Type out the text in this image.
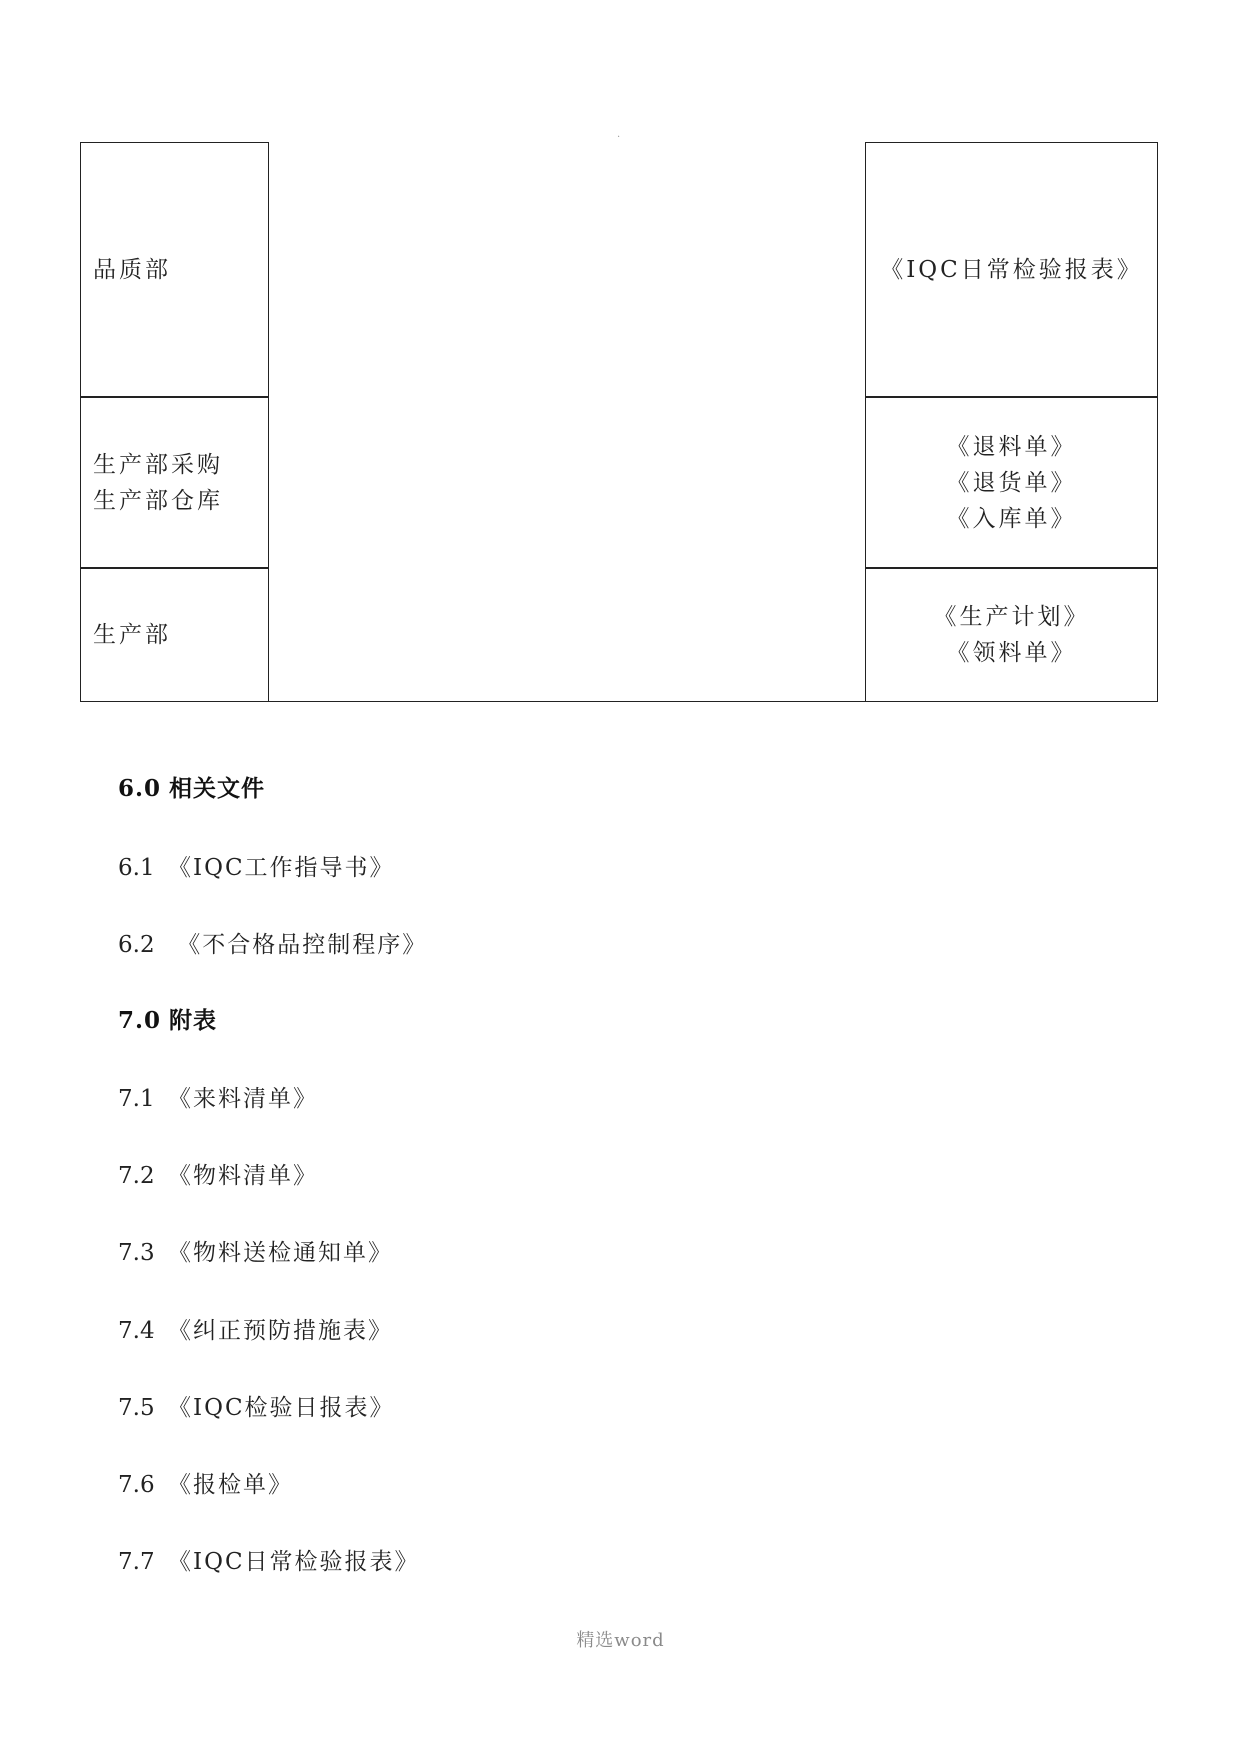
.
品质部	《IQC日常检验报表》
生产部采购
生产部仓库
《退料单》
《退货单》
《入库单》
生产部
《生产计划》
《领料单》
6.0 相关文件
6.1 《IQC工作指导书》
6.2 《不合格品控制程序》
7.0 附表
7.1 《来料清单》
7.2 《物料清单》
7.3 《物料送检通知单》
7.4 《纠正预防措施表》
7.5 《IQC检验日报表》
7.6 《报检单》
7.7 《IQC日常检验报表》
精选word
